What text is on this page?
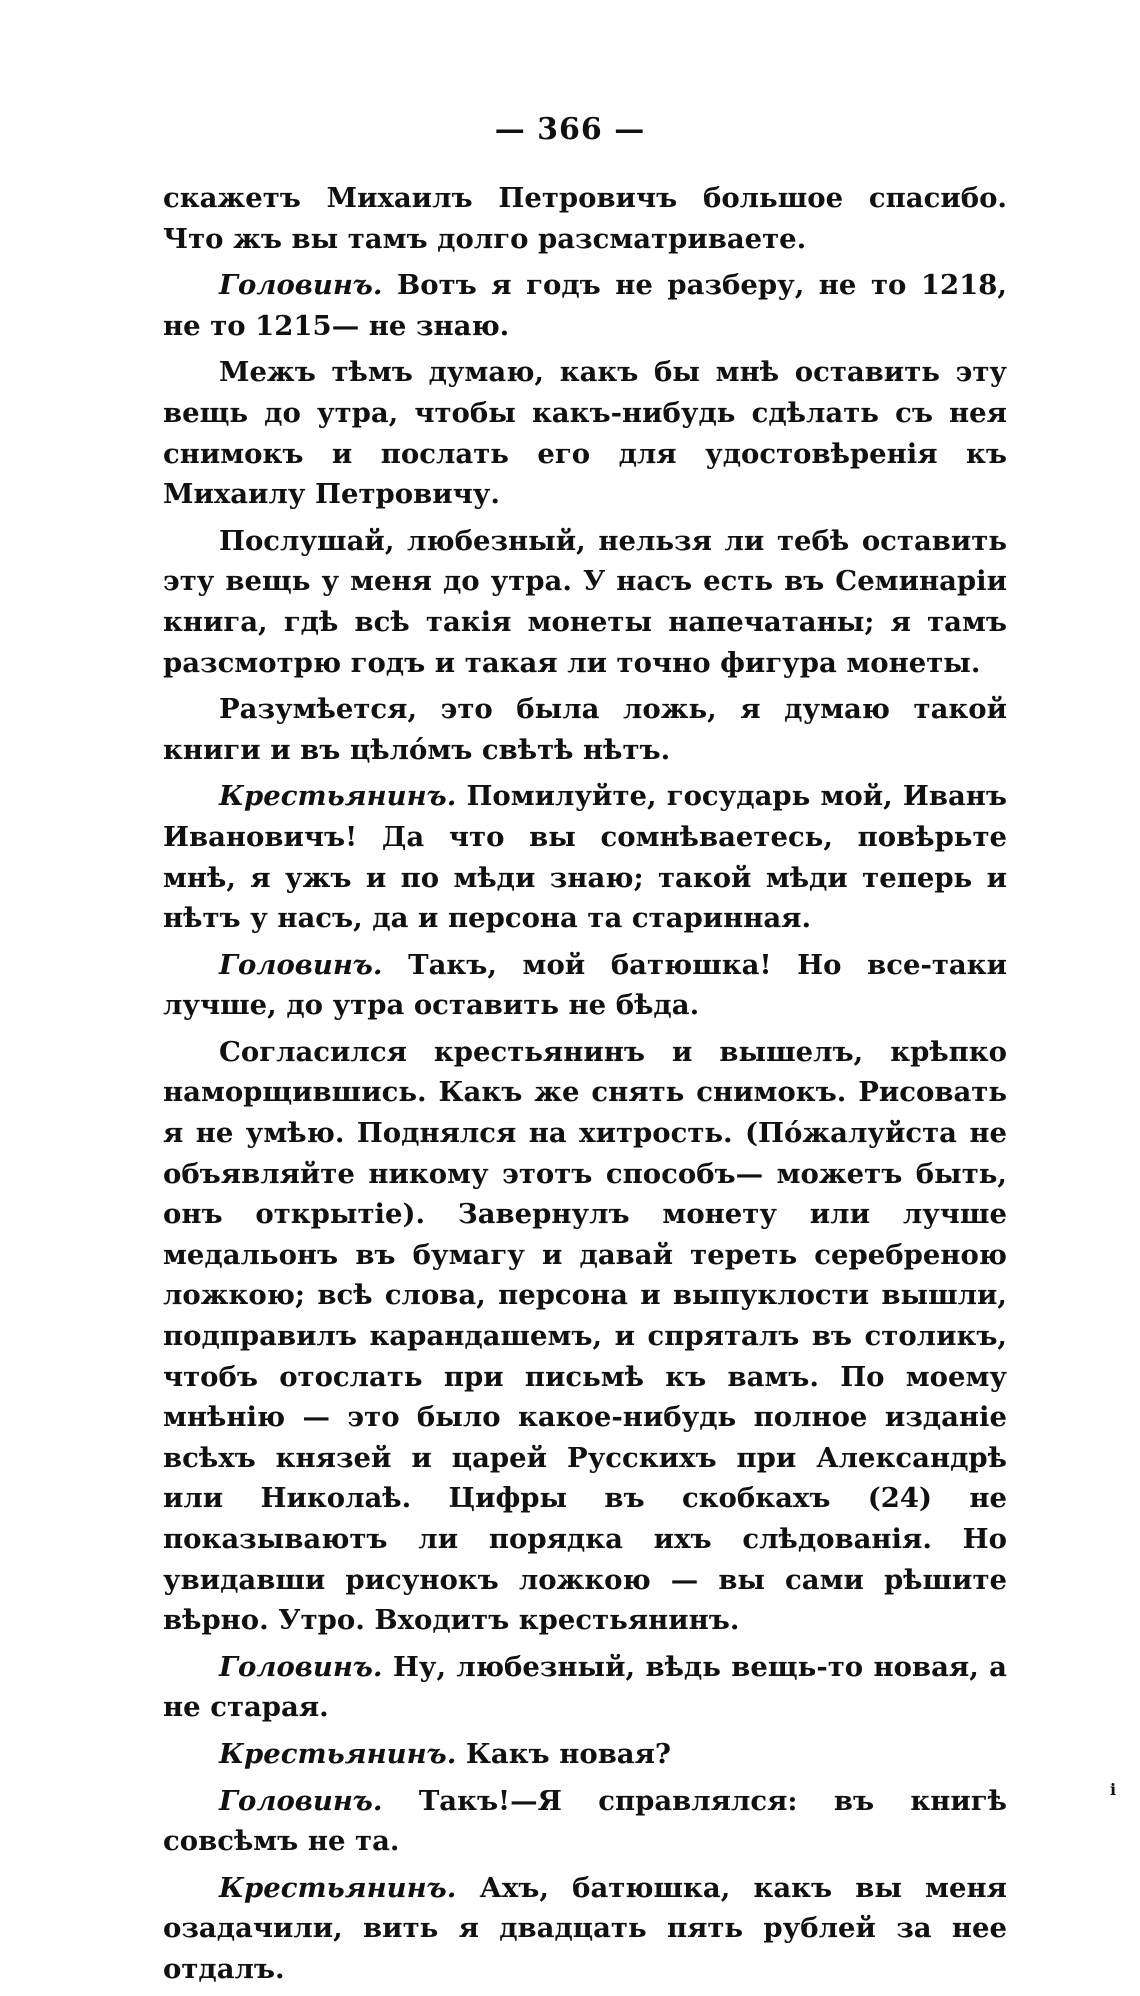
— 366 —

скажетъ Михаилъ Петровичъ большое спасибо. Что жъ вы тамъ долго разсматриваете.

Головинъ. Вотъ я годъ не разберу, не то 1218, не то 1215— не знаю.

Межъ тѣмъ думаю, какъ бы мнѣ оставить эту вещь до утра, чтобы какъ-нибудь сдѣлать съ нея снимокъ и послать его для удостовѣренія къ Михаилу Петровичу.

Послушай, любезный, нельзя ли тебѣ оставить эту вещь у меня до утра. У насъ есть въ Семинаріи книга, гдѣ всѣ такія монеты напечатаны; я тамъ разсмотрю годъ и такая ли точно фигура монеты.

Разумѣется, это была ложь, я думаю такой книги и въ цѣло́мъ свѣтѣ нѣтъ.

Крестьянинъ. Помилуйте, государь мой, Иванъ Ивановичъ! Да что вы сомнѣваетесь, повѣрьте мнѣ, я ужъ и по мѣди знаю; такой мѣди теперь и нѣтъ у насъ, да и персона та старинная.

Головинъ. Такъ, мой батюшка! Но все-таки лучше, до утра оставить не бѣда.

Согласился крестьянинъ и вышелъ, крѣпко наморщившись. Какъ же снять снимокъ. Рисовать я не умѣю. Поднялся на хитрость. (По́жалуйста не объявляйте никому этотъ способъ— можетъ быть, онъ открытіе). Завернулъ монету или лучше медальонъ въ бумагу и давай тереть серебреною ложкою; всѣ слова, персона и выпуклости вышли, подправилъ карандашемъ, и спряталъ въ столикъ, чтобъ отослать при письмѣ къ вамъ. По моему мнѣнію — это было какое-нибудь полное изданіе всѣхъ князей и царей Русскихъ при Александрѣ или Николаѣ. Цифры въ скобкахъ (24) не показываютъ ли порядка ихъ слѣдованія. Но увидавши рисунокъ ложкою — вы сами рѣшите вѣрно. Утро. Входитъ крестьянинъ.

Головинъ. Ну, любезный, вѣдь вещь-то новая, а не старая.

Крестьянинъ. Какъ новая?

Головинъ. Такъ!—Я справлялся: въ книгѣ совсѣмъ не та.

Крестьянинъ. Ахъ, батюшка, какъ вы меня озадачили, вить я двадцать пять рублей за нее отдалъ.

i
